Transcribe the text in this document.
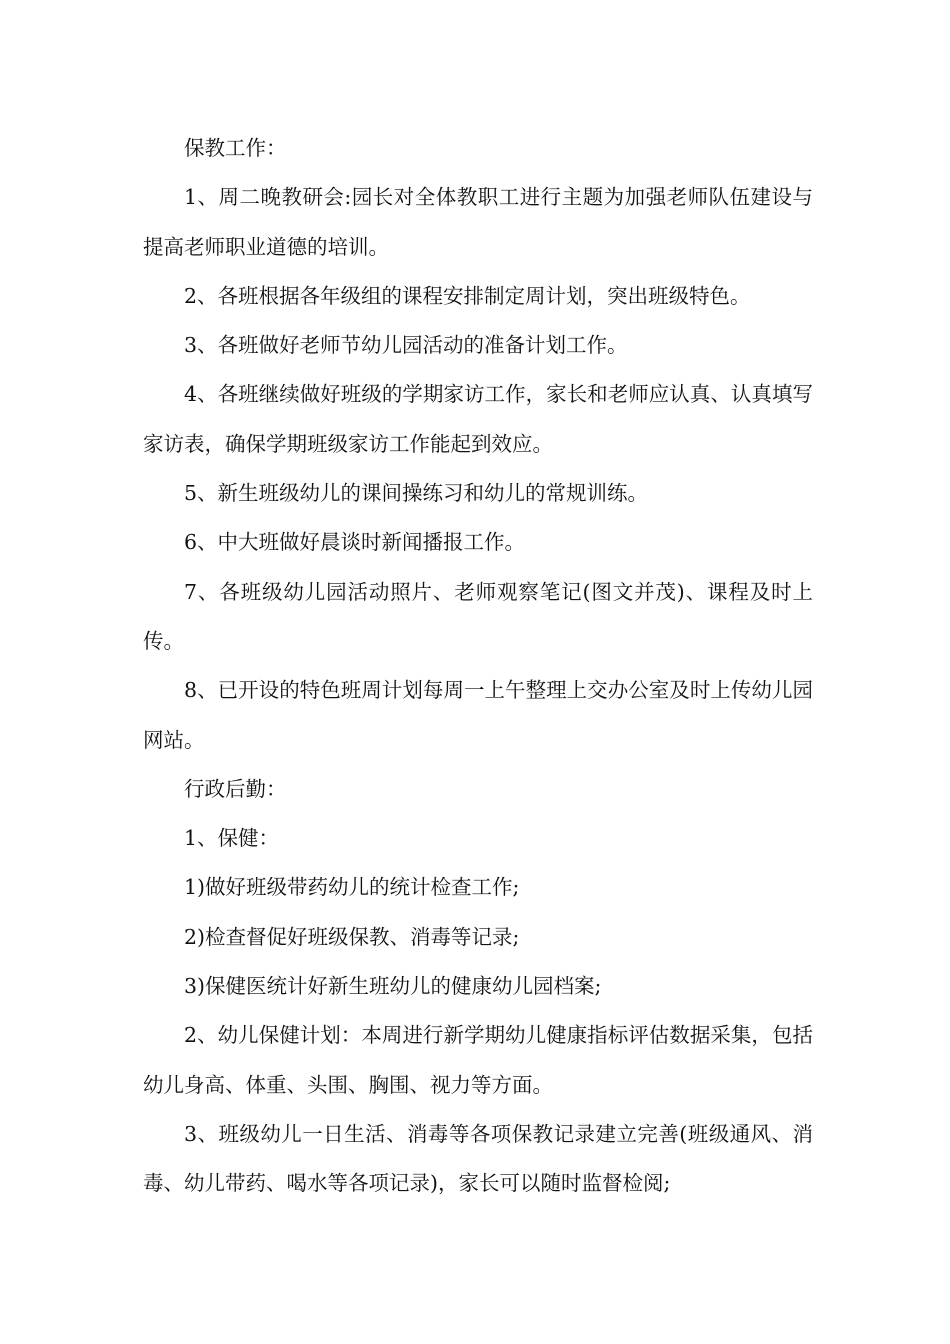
保教工作：

1、周二晚教研会:园长对全体教职工进行主题为加强老师队伍建设与提高老师职业道德的培训。

2、各班根据各年级组的课程安排制定周计划，突出班级特色。

3、各班做好老师节幼儿园活动的准备计划工作。

4、各班继续做好班级的学期家访工作，家长和老师应认真、认真填写家访表，确保学期班级家访工作能起到效应。

5、新生班级幼儿的课间操练习和幼儿的常规训练。

6、中大班做好晨谈时新闻播报工作。

7、各班级幼儿园活动照片、老师观察笔记(图文并茂)、课程及时上传。

8、已开设的特色班周计划每周一上午整理上交办公室及时上传幼儿园网站。

行政后勤：

1、保健：

1)做好班级带药幼儿的统计检查工作;

2)检查督促好班级保教、消毒等记录;

3)保健医统计好新生班幼儿的健康幼儿园档案;

2、幼儿保健计划：本周进行新学期幼儿健康指标评估数据采集，包括幼儿身高、体重、头围、胸围、视力等方面。

3、班级幼儿一日生活、消毒等各项保教记录建立完善(班级通风、消毒、幼儿带药、喝水等各项记录)，家长可以随时监督检阅;
